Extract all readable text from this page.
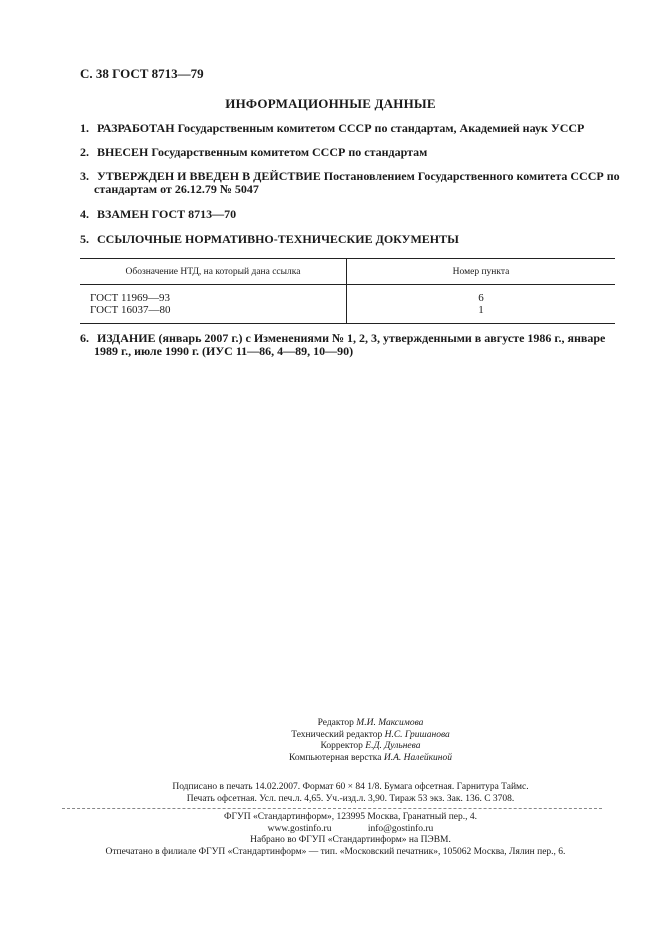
С. 38 ГОСТ 8713—79
ИНФОРМАЦИОННЫЕ ДАННЫЕ
1. РАЗРАБОТАН Государственным комитетом СССР по стандартам, Академией наук УССР
2. ВНЕСЕН Государственным комитетом СССР по стандартам
3. УТВЕРЖДЕН И ВВЕДЕН В ДЕЙСТВИЕ Постановлением Государственного комитета СССР по
стандартам от 26.12.79 № 5047
4. ВЗАМЕН ГОСТ 8713—70
5. ССЫЛОЧНЫЕ НОРМАТИВНО-ТЕХНИЧЕСКИЕ ДОКУМЕНТЫ
Обозначение НТД, на который дана ссылка	Номер пункта
ГОСТ 11969—93	6
ГОСТ 16037—80	1
6. ИЗДАНИЕ (январь 2007 г.) с Изменениями № 1, 2, 3, утвержденными в августе 1986 г., январе
1989 г., июле 1990 г. (ИУС 11—86, 4—89, 10—90)
Редактор М.И. Максимова
Технический редактор Н.С. Гришанова
Корректор Е.Д. Дульнева
Компьютерная верстка И.А. Налейкиной
Подписано в печать 14.02.2007. Формат 60 × 84 1/8. Бумага офсетная. Гарнитура Таймс.
Печать офсетная. Усл. печ.л. 4,65. Уч.-изд.л. 3,90. Тираж 53 экз. Зак. 136. С 3708.
ФГУП «Стандартинформ», 123995 Москва, Гранатный пер., 4.
www.gostinfo.ru	info@gostinfo.ru
Набрано во ФГУП «Стандартинформ» на ПЭВМ.
Отпечатано в филиале ФГУП «Стандартинформ» — тип. «Московский печатник», 105062 Москва, Лялин пер., 6.
